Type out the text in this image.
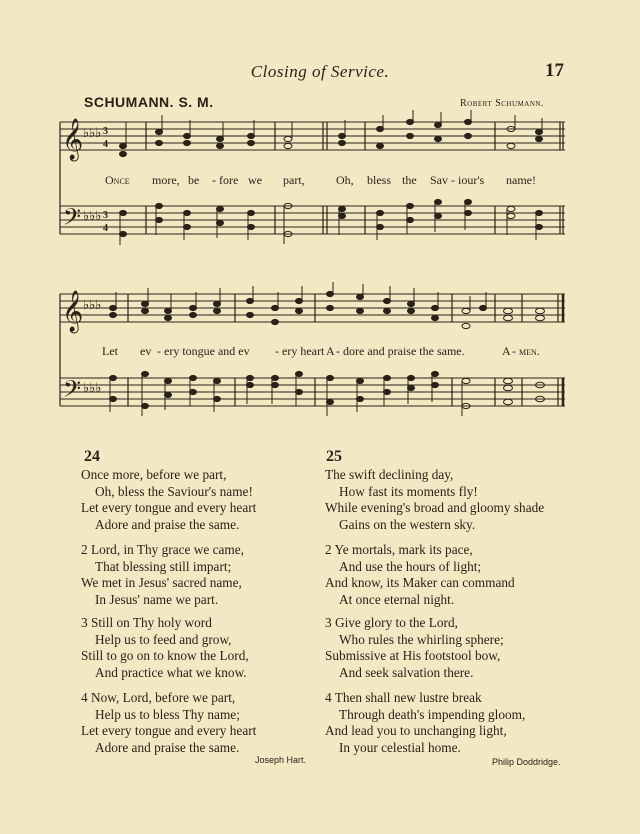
Closing of Service.	17
SCHUMANN. S. M.	Robert Schumann.
𝄞
𝄢
♭♭♭
♭♭♭
3
4
3
4
Once more, be - fore we part,	Oh, bless the Sav - iour's name!
𝄞
𝄢
♭♭♭
♭♭♭
Let ev - ery tongue and ev - ery heart A - dore and praise the same.	A - men.
24
Once more, before we part,
Oh, bless the Saviour's name!
Let every tongue and every heart
Adore and praise the same.
2 Lord, in Thy grace we came,
That blessing still impart;
We met in Jesus' sacred name,
In Jesus' name we part.
3 Still on Thy holy word
Help us to feed and grow,
Still to go on to know the Lord,
And practice what we know.
4 Now, Lord, before we part,
Help us to bless Thy name;
Let every tongue and every heart
Adore and praise the same.
Joseph Hart.
25
The swift declining day,
How fast its moments fly!
While evening's broad and gloomy shade
Gains on the western sky.
2 Ye mortals, mark its pace,
And use the hours of light;
And know, its Maker can command
At once eternal night.
3 Give glory to the Lord,
Who rules the whirling sphere;
Submissive at His footstool bow,
And seek salvation there.
4 Then shall new lustre break
Through death's impending gloom,
And lead you to unchanging light,
In your celestial home.
Philip Doddridge.
